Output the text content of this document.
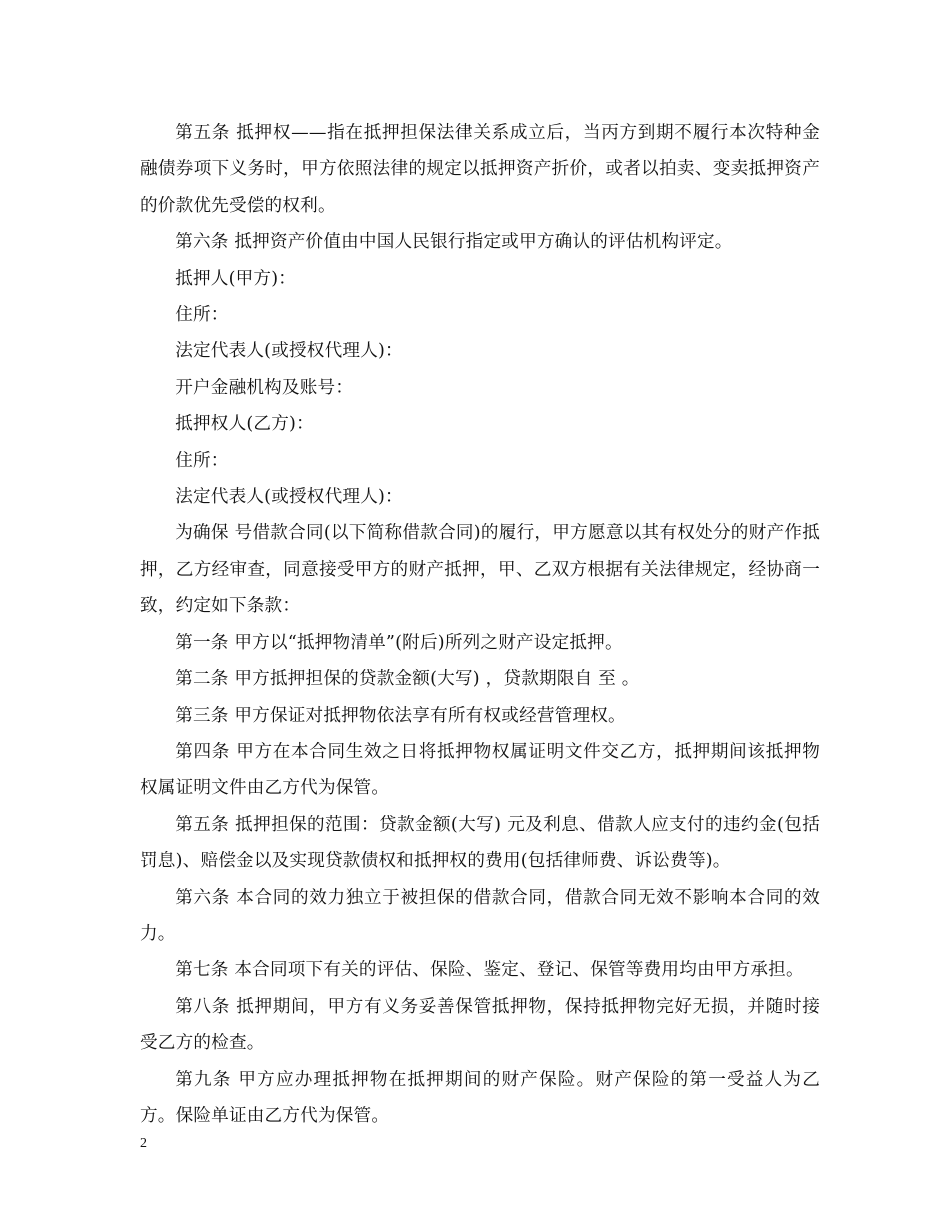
第五条 抵押权——指在抵押担保法律关系成立后，当丙方到期不履行本次特种金融债券项下义务时，甲方依照法律的规定以抵押资产折价，或者以拍卖、变卖抵押资产的价款优先受偿的权利。

第六条 抵押资产价值由中国人民银行指定或甲方确认的评估机构评定。

抵押人(甲方)：

住所：

法定代表人(或授权代理人)：

开户金融机构及账号：

抵押权人(乙方)：

住所：

法定代表人(或授权代理人)：

为确保 号借款合同(以下简称借款合同)的履行，甲方愿意以其有权处分的财产作抵押，乙方经审查，同意接受甲方的财产抵押，甲、乙双方根据有关法律规定，经协商一致，约定如下条款：

第一条 甲方以“抵押物清单”(附后)所列之财产设定抵押。

第二条 甲方抵押担保的贷款金额(大写) ，贷款期限自 至 。

第三条 甲方保证对抵押物依法享有所有权或经营管理权。

第四条 甲方在本合同生效之日将抵押物权属证明文件交乙方，抵押期间该抵押物权属证明文件由乙方代为保管。

第五条 抵押担保的范围：贷款金额(大写) 元及利息、借款人应支付的违约金(包括罚息)、赔偿金以及实现贷款债权和抵押权的费用(包括律师费、诉讼费等)。

第六条 本合同的效力独立于被担保的借款合同，借款合同无效不影响本合同的效力。

第七条 本合同项下有关的评估、保险、鉴定、登记、保管等费用均由甲方承担。

第八条 抵押期间，甲方有义务妥善保管抵押物，保持抵押物完好无损，并随时接受乙方的检查。

第九条 甲方应办理抵押物在抵押期间的财产保险。财产保险的第一受益人为乙方。保险单证由乙方代为保管。

2
